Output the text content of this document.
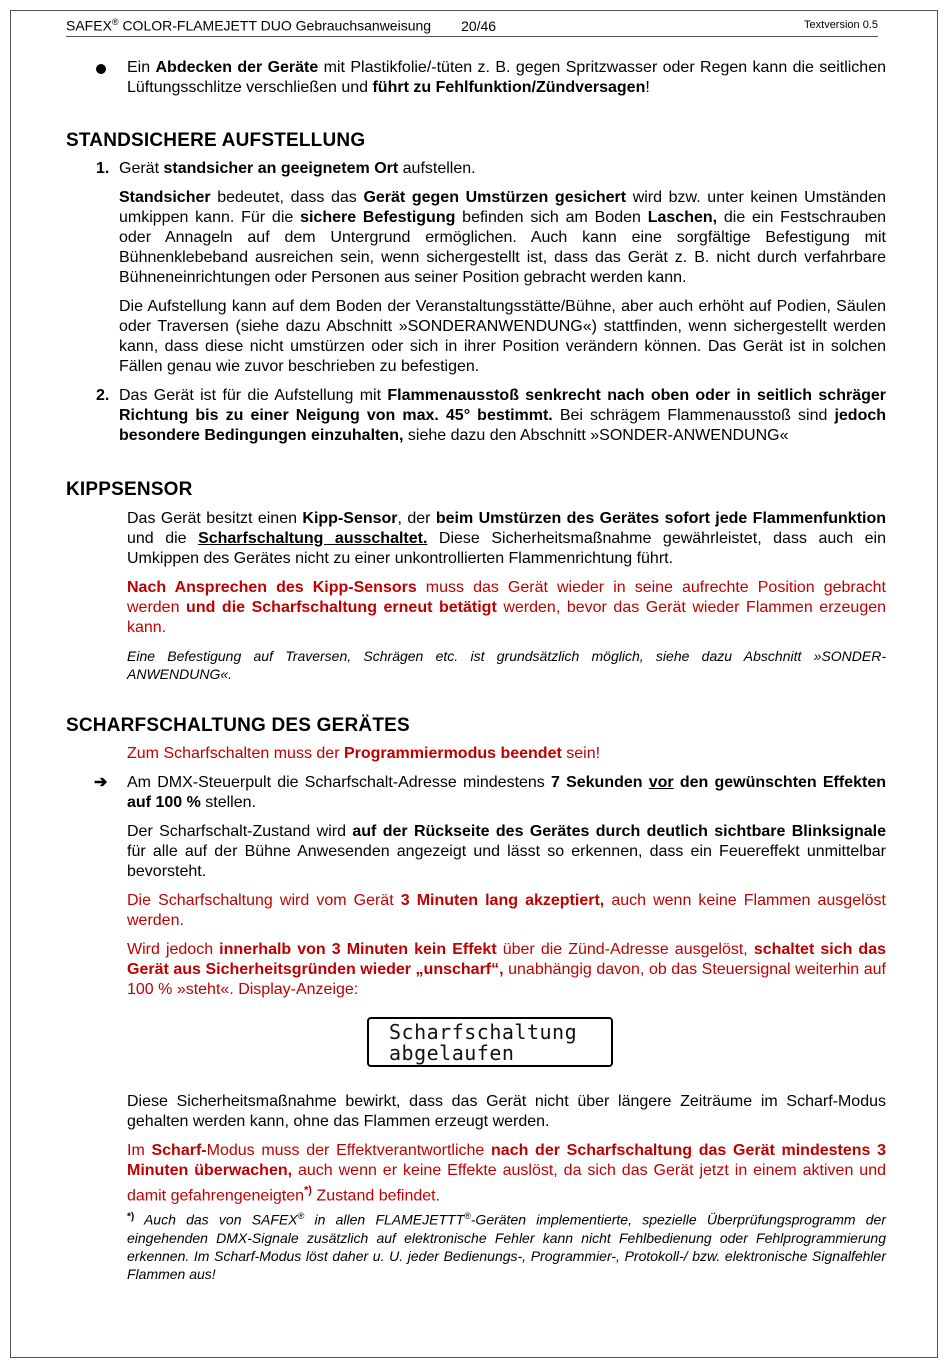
SAFEX® COLOR-FLAMEJETT DUO Gebrauchsanweisung 20/46	Textversion 0.5

Ein Abdecken der Geräte mit Plastikfolie/-tüten z. B. gegen Spritzwasser oder Regen kann die seitlichen Lüftungsschlitze verschließen und führt zu Fehlfunktion/Zündversagen!

STANDSICHERE AUFSTELLUNG
1. Gerät standsicher an geeignetem Ort aufstellen.

Standsicher bedeutet, dass das Gerät gegen Umstürzen gesichert wird bzw. unter keinen Umständen umkippen kann. Für die sichere Befestigung befinden sich am Boden Laschen, die ein Festschrauben oder Annageln auf dem Untergrund ermöglichen. Auch kann eine sorgfältige Befestigung mit Bühnenklebeband ausreichen sein, wenn sichergestellt ist, dass das Gerät z. B. nicht durch verfahrbare Bühneneinrichtungen oder Personen aus seiner Position gebracht werden kann.

Die Aufstellung kann auf dem Boden der Veranstaltungsstätte/Bühne, aber auch erhöht auf Podien, Säulen oder Traversen (siehe dazu Abschnitt »SONDERANWENDUNG«) stattfinden, wenn sichergestellt werden kann, dass diese nicht umstürzen oder sich in ihrer Position verändern können. Das Gerät ist in solchen Fällen genau wie zuvor beschrieben zu befestigen.

2. Das Gerät ist für die Aufstellung mit Flammenausstoß senkrecht nach oben oder in seitlich schräger Richtung bis zu einer Neigung von max. 45° bestimmt. Bei schrägem Flammenausstoß sind jedoch besondere Bedingungen einzuhalten, siehe dazu den Abschnitt »SONDER-ANWENDUNG«

KIPPSENSOR

Das Gerät besitzt einen Kipp-Sensor, der beim Umstürzen des Gerätes sofort jede Flammenfunktion und die Scharfschaltung ausschaltet. Diese Sicherheitsmaßnahme gewährleistet, dass auch ein Umkippen des Gerätes nicht zu einer unkontrollierten Flammenrichtung führt.

Nach Ansprechen des Kipp-Sensors muss das Gerät wieder in seine aufrechte Position gebracht werden und die Scharfschaltung erneut betätigt werden, bevor das Gerät wieder Flammen erzeugen kann.

Eine Befestigung auf Traversen, Schrägen etc. ist grundsätzlich möglich, siehe dazu Abschnitt »SONDER-ANWENDUNG«.

SCHARFSCHALTUNG DES GERÄTES

Zum Scharfschalten muss der Programmiermodus beendet sein!

➔ Am DMX-Steuerpult die Scharfschalt-Adresse mindestens 7 Sekunden vor den gewünschten Effekten auf 100 % stellen.

Der Scharfschalt-Zustand wird auf der Rückseite des Gerätes durch deutlich sichtbare Blinksignale für alle auf der Bühne Anwesenden angezeigt und lässt so erkennen, dass ein Feuereffekt unmittelbar bevorsteht.

Die Scharfschaltung wird vom Gerät 3 Minuten lang akzeptiert, auch wenn keine Flammen ausgelöst werden.

Wird jedoch innerhalb von 3 Minuten kein Effekt über die Zünd-Adresse ausgelöst, schaltet sich das Gerät aus Sicherheitsgründen wieder „unscharf“, unabhängig davon, ob das Steuersignal weiterhin auf 100 % »steht«. Display-Anzeige:

Scharfschaltung
abgelaufen

Diese Sicherheitsmaßnahme bewirkt, dass das Gerät nicht über längere Zeiträume im Scharf-Modus gehalten werden kann, ohne das Flammen erzeugt werden.

Im Scharf-Modus muss der Effektverantwortliche nach der Scharfschaltung das Gerät mindestens 3 Minuten überwachen, auch wenn er keine Effekte auslöst, da sich das Gerät jetzt in einem aktiven und damit gefahrengeneigten*) Zustand befindet.

*) Auch das von SAFEX® in allen FLAMEJETTT®-Geräten implementierte, spezielle Überprüfungsprogramm der eingehenden DMX-Signale zusätzlich auf elektronische Fehler kann nicht Fehlbedienung oder Fehlprogrammierung erkennen. Im Scharf-Modus löst daher u. U. jeder Bedienungs-, Programmier-, Protokoll-/ bzw. elektronische Signalfehler Flammen aus!
